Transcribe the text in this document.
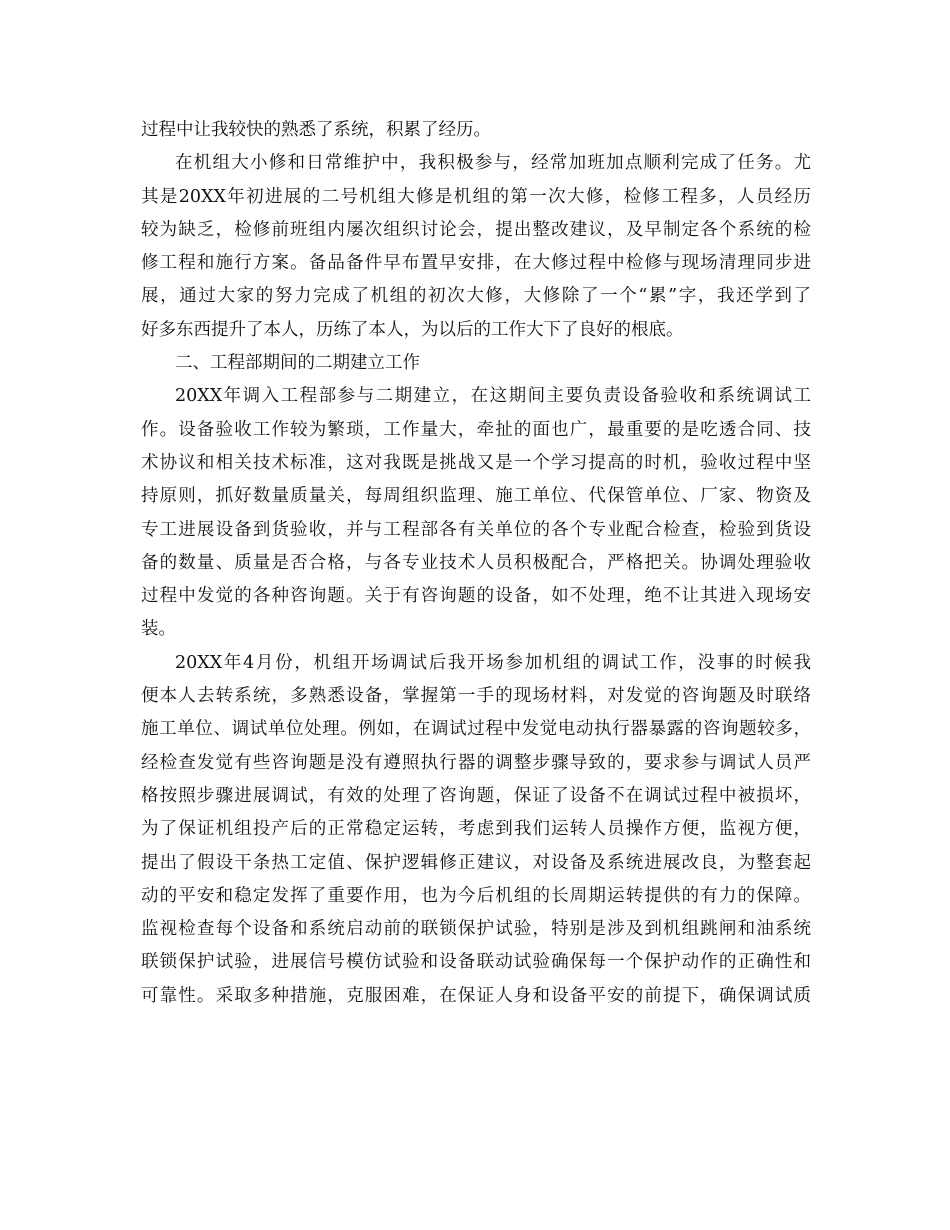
过程中让我较快的熟悉了系统，积累了经历。
在机组大小修和日常维护中，我积极参与，经常加班加点顺利完成了任务。尤
其是20XX年初进展的二号机组大修是机组的第一次大修，检修工程多，人员经历
较为缺乏，检修前班组内屡次组织讨论会，提出整改建议，及早制定各个系统的检
修工程和施行方案。备品备件早布置早安排，在大修过程中检修与现场清理同步进
展，通过大家的努力完成了机组的初次大修，大修除了一个“累”字，我还学到了
好多东西提升了本人，历练了本人，为以后的工作大下了良好的根底。
二、工程部期间的二期建立工作
20XX年调入工程部参与二期建立，在这期间主要负责设备验收和系统调试工
作。设备验收工作较为繁琐，工作量大，牵扯的面也广，最重要的是吃透合同、技
术协议和相关技术标准，这对我既是挑战又是一个学习提高的时机，验收过程中坚
持原则，抓好数量质量关，每周组织监理、施工单位、代保管单位、厂家、物资及
专工进展设备到货验收，并与工程部各有关单位的各个专业配合检查，检验到货设
备的数量、质量是否合格，与各专业技术人员积极配合，严格把关。协调处理验收
过程中发觉的各种咨询题。关于有咨询题的设备，如不处理，绝不让其进入现场安
装。
20XX年4月份，机组开场调试后我开场参加机组的调试工作，没事的时候我
便本人去转系统，多熟悉设备，掌握第一手的现场材料，对发觉的咨询题及时联络
施工单位、调试单位处理。例如，在调试过程中发觉电动执行器暴露的咨询题较多，
经检查发觉有些咨询题是没有遵照执行器的调整步骤导致的，要求参与调试人员严
格按照步骤进展调试，有效的处理了咨询题，保证了设备不在调试过程中被损坏，
为了保证机组投产后的正常稳定运转，考虑到我们运转人员操作方便，监视方便，
提出了假设干条热工定值、保护逻辑修正建议，对设备及系统进展改良，为整套起
动的平安和稳定发挥了重要作用，也为今后机组的长周期运转提供的有力的保障。
监视检查每个设备和系统启动前的联锁保护试验，特别是涉及到机组跳闸和油系统
联锁保护试验，进展信号模仿试验和设备联动试验确保每一个保护动作的正确性和
可靠性。采取多种措施，克服困难，在保证人身和设备平安的前提下，确保调试质
